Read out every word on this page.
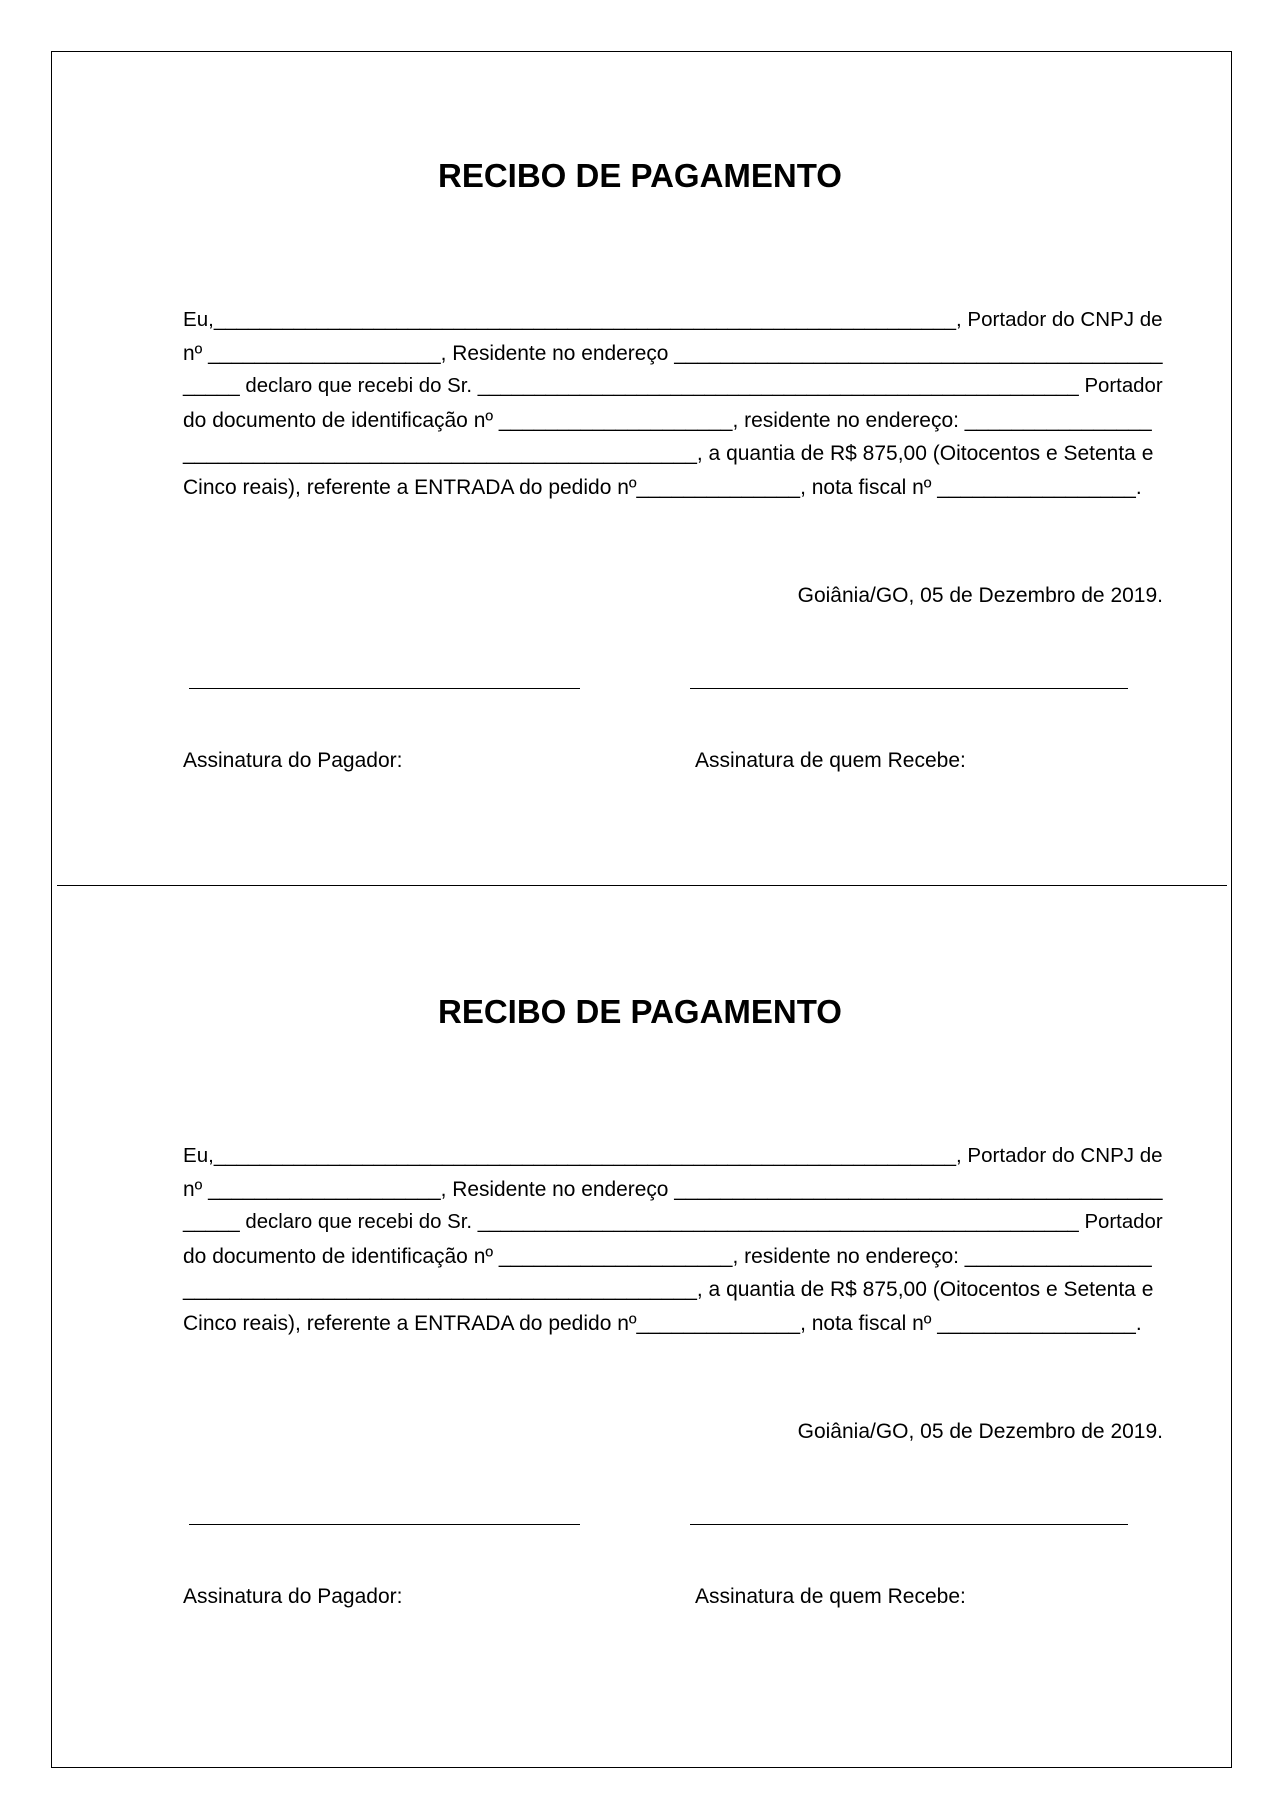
RECIBO DE PAGAMENTO

Eu,_________________________________________________________________, Portador do CNPJ de
nº ____________________, Residente no endereço __________________________________________
_____ declaro que recebi do Sr. _____________________________________________________ Portador
do documento de identificação nº ____________________, residente no endereço: ________________
____________________________________________, a quantia de R$ 875,00 (Oitocentos e Setenta e
Cinco reais), referente a ENTRADA do pedido nº______________, nota fiscal nº _________________.

Goiânia/GO, 05 de Dezembro de 2019.
Assinatura do Pagador:	Assinatura de quem Recebe:
RECIBO DE PAGAMENTO

Eu,_________________________________________________________________, Portador do CNPJ de
nº ____________________, Residente no endereço __________________________________________
_____ declaro que recebi do Sr. _____________________________________________________ Portador
do documento de identificação nº ____________________, residente no endereço: ________________
____________________________________________, a quantia de R$ 875,00 (Oitocentos e Setenta e
Cinco reais), referente a ENTRADA do pedido nº______________, nota fiscal nº _________________.

Goiânia/GO, 05 de Dezembro de 2019.
Assinatura do Pagador:	Assinatura de quem Recebe:
